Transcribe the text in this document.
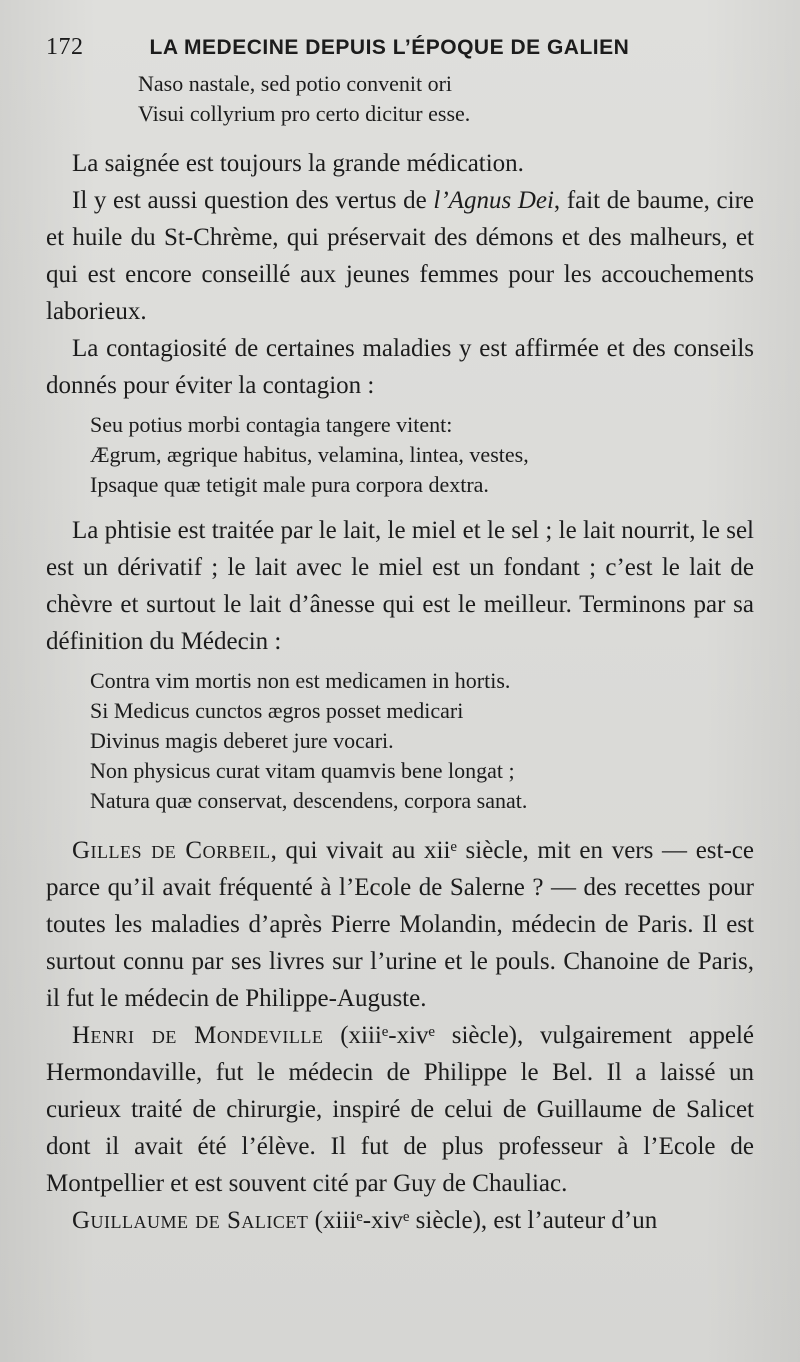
172	LA MEDECINE DEPUIS L’ÉPOQUE DE GALIEN
Naso nastale, sed potio convenit ori
Visui collyrium pro certo dicitur esse.

La saignée est toujours la grande médication.

Il y est aussi question des vertus de l’Agnus Dei, fait de baume, cire et huile du St-Chrème, qui préservait des démons et des malheurs, et qui est encore conseillé aux jeunes femmes pour les accouchements laborieux.

La contagiosité de certaines maladies y est affirmée et des conseils donnés pour éviter la contagion :

Seu potius morbi contagia tangere vitent:
Ægrum, ægrique habitus, velamina, lintea, vestes,
Ipsaque quæ tetigit male pura corpora dextra.

La phtisie est traitée par le lait, le miel et le sel ; le lait nourrit, le sel est un dérivatif ; le lait avec le miel est un fondant ; c’est le lait de chèvre et surtout le lait d’ânesse qui est le meilleur. Terminons par sa définition du Médecin :

Contra vim mortis non est medicamen in hortis.
Si Medicus cunctos ægros posset medicari
Divinus magis deberet jure vocari.
Non physicus curat vitam quamvis bene longat ;
Natura quæ conservat, descendens, corpora sanat.

Gilles de Corbeil, qui vivait au xiiᵉ siècle, mit en vers — est-ce parce qu’il avait fréquenté à l’Ecole de Salerne ? — des recettes pour toutes les maladies d’après Pierre Molandin, médecin de Paris. Il est surtout connu par ses livres sur l’urine et le pouls. Chanoine de Paris, il fut le médecin de Philippe-Auguste.

Henri de Mondeville (xiiiᵉ-xivᵉ siècle), vulgairement appelé Hermondaville, fut le médecin de Philippe le Bel. Il a laissé un curieux traité de chirurgie, inspiré de celui de Guillaume de Salicet dont il avait été l’élève. Il fut de plus professeur à l’Ecole de Montpellier et est souvent cité par Guy de Chauliac.

Guillaume de Salicet (xiiiᵉ-xivᵉ siècle), est l’auteur d’un
